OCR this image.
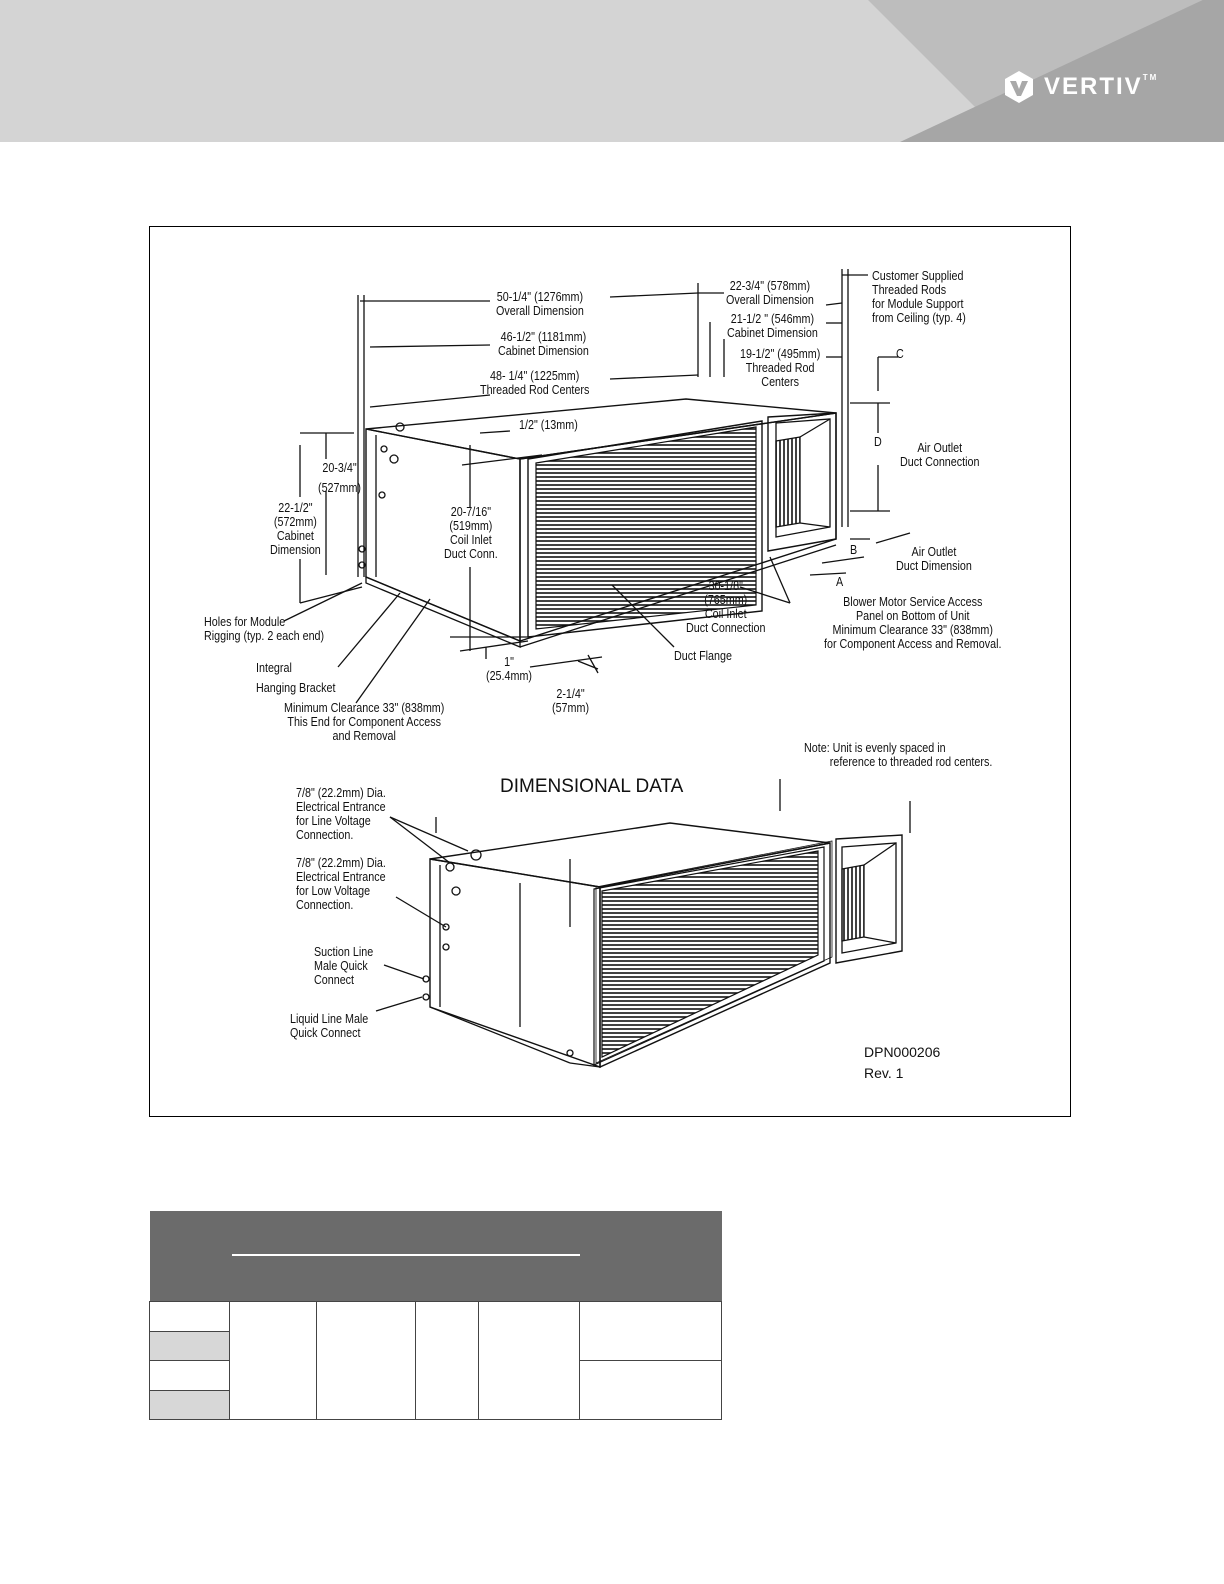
VERTIV™
50-1/4" (1276mm)
Overall Dimension
46-1/2" (1181mm)
Cabinet Dimension
48- 1/4" (1225mm)
Threaded Rod Centers
1/2" (13mm)
22-3/4" (578mm)
Overall Dimension
21-1/2 " (546mm)
Cabinet Dimension
19-1/2" (495mm)
Threaded Rod
Centers
Customer Supplied
Threaded Rods
for Module Support
from Ceiling (typ. 4)
C
D
B
A
Air Outlet
Duct Connection
Air Outlet
Duct Dimension
20-3/4"
(527mm)
22-1/2"
(572mm)
Cabinet
Dimension
20-7/16"
(519mm)
Coil Inlet
Duct Conn.
30-1/8"
(765mm)
Coil Inlet
Duct Connection
Blower Motor Service Access
Panel on Bottom of Unit
Minimum Clearance 33" (838mm)
for Component Access and Removal.
Holes for Module
Rigging (typ. 2 each end)
Integral
Hanging Bracket
1"
(25.4mm)
Duct Flange
2-1/4"
(57mm)
Minimum Clearance 33" (838mm)
This End for Component Access
and Removal
Note: Unit is evenly spaced in
reference to threaded rod centers.
DIMENSIONAL DATA
7/8" (22.2mm) Dia.
Electrical Entrance
for Line Voltage
Connection.
7/8" (22.2mm) Dia.
Electrical Entrance
for Low Voltage
Connection.
Suction Line
Male Quick
Connect
Liquid Line Male
Quick Connect
DPN000206
Rev. 1
